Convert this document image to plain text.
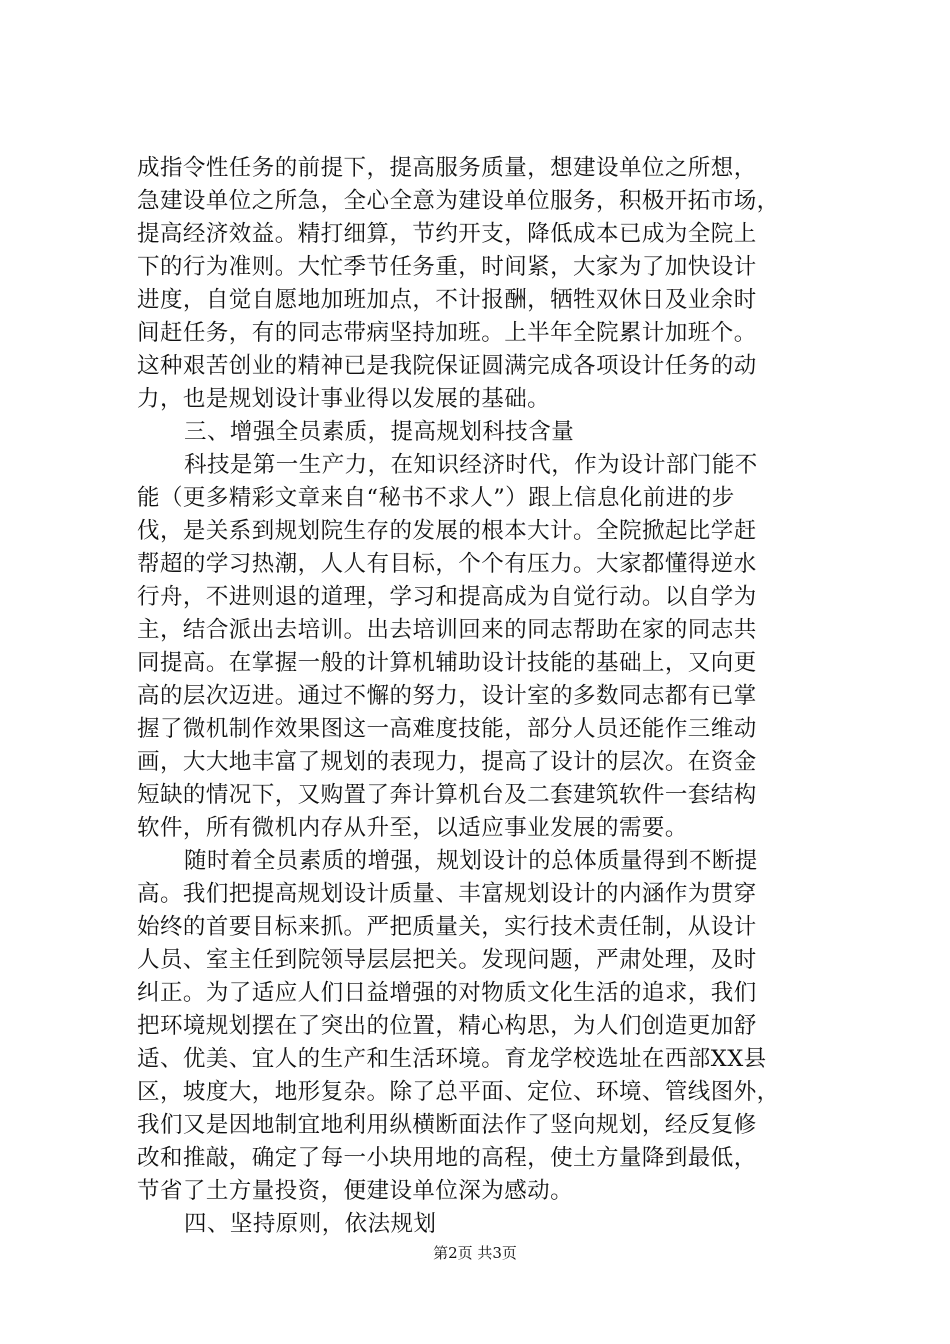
成指令性任务的前提下，提高服务质量，想建设单位之所想，
急建设单位之所急，全心全意为建设单位服务，积极开拓市场，
提高经济效益。精打细算，节约开支，降低成本已成为全院上
下的行为准则。大忙季节任务重，时间紧，大家为了加快设计
进度，自觉自愿地加班加点，不计报酬，牺牲双休日及业余时
间赶任务，有的同志带病坚持加班。上半年全院累计加班个。
这种艰苦创业的精神已是我院保证圆满完成各项设计任务的动
力，也是规划设计事业得以发展的基础。
三、增强全员素质，提高规划科技含量
科技是第一生产力，在知识经济时代，作为设计部门能不
能（更多精彩文章来自“秘书不求人”）跟上信息化前进的步
伐，是关系到规划院生存的发展的根本大计。全院掀起比学赶
帮超的学习热潮，人人有目标，个个有压力。大家都懂得逆水
行舟，不进则退的道理，学习和提高成为自觉行动。以自学为
主，结合派出去培训。出去培训回来的同志帮助在家的同志共
同提高。在掌握一般的计算机辅助设计技能的基础上，又向更
高的层次迈进。通过不懈的努力，设计室的多数同志都有已掌
握了微机制作效果图这一高难度技能，部分人员还能作三维动
画，大大地丰富了规划的表现力，提高了设计的层次。在资金
短缺的情况下，又购置了奔计算机台及二套建筑软件一套结构
软件，所有微机内存从升至，以适应事业发展的需要。
随时着全员素质的增强，规划设计的总体质量得到不断提
高。我们把提高规划设计质量、丰富规划设计的内涵作为贯穿
始终的首要目标来抓。严把质量关，实行技术责任制，从设计
人员、室主任到院领导层层把关。发现问题，严肃处理，及时
纠正。为了适应人们日益增强的对物质文化生活的追求，我们
把环境规划摆在了突出的位置，精心构思，为人们创造更加舒
适、优美、宜人的生产和生活环境。育龙学校选址在西部XX县
区，坡度大，地形复杂。除了总平面、定位、环境、管线图外，
我们又是因地制宜地利用纵横断面法作了竖向规划，经反复修
改和推敲，确定了每一小块用地的高程，使土方量降到最低，
节省了土方量投资，便建设单位深为感动。
四、坚持原则，依法规划
第2页 共3页
